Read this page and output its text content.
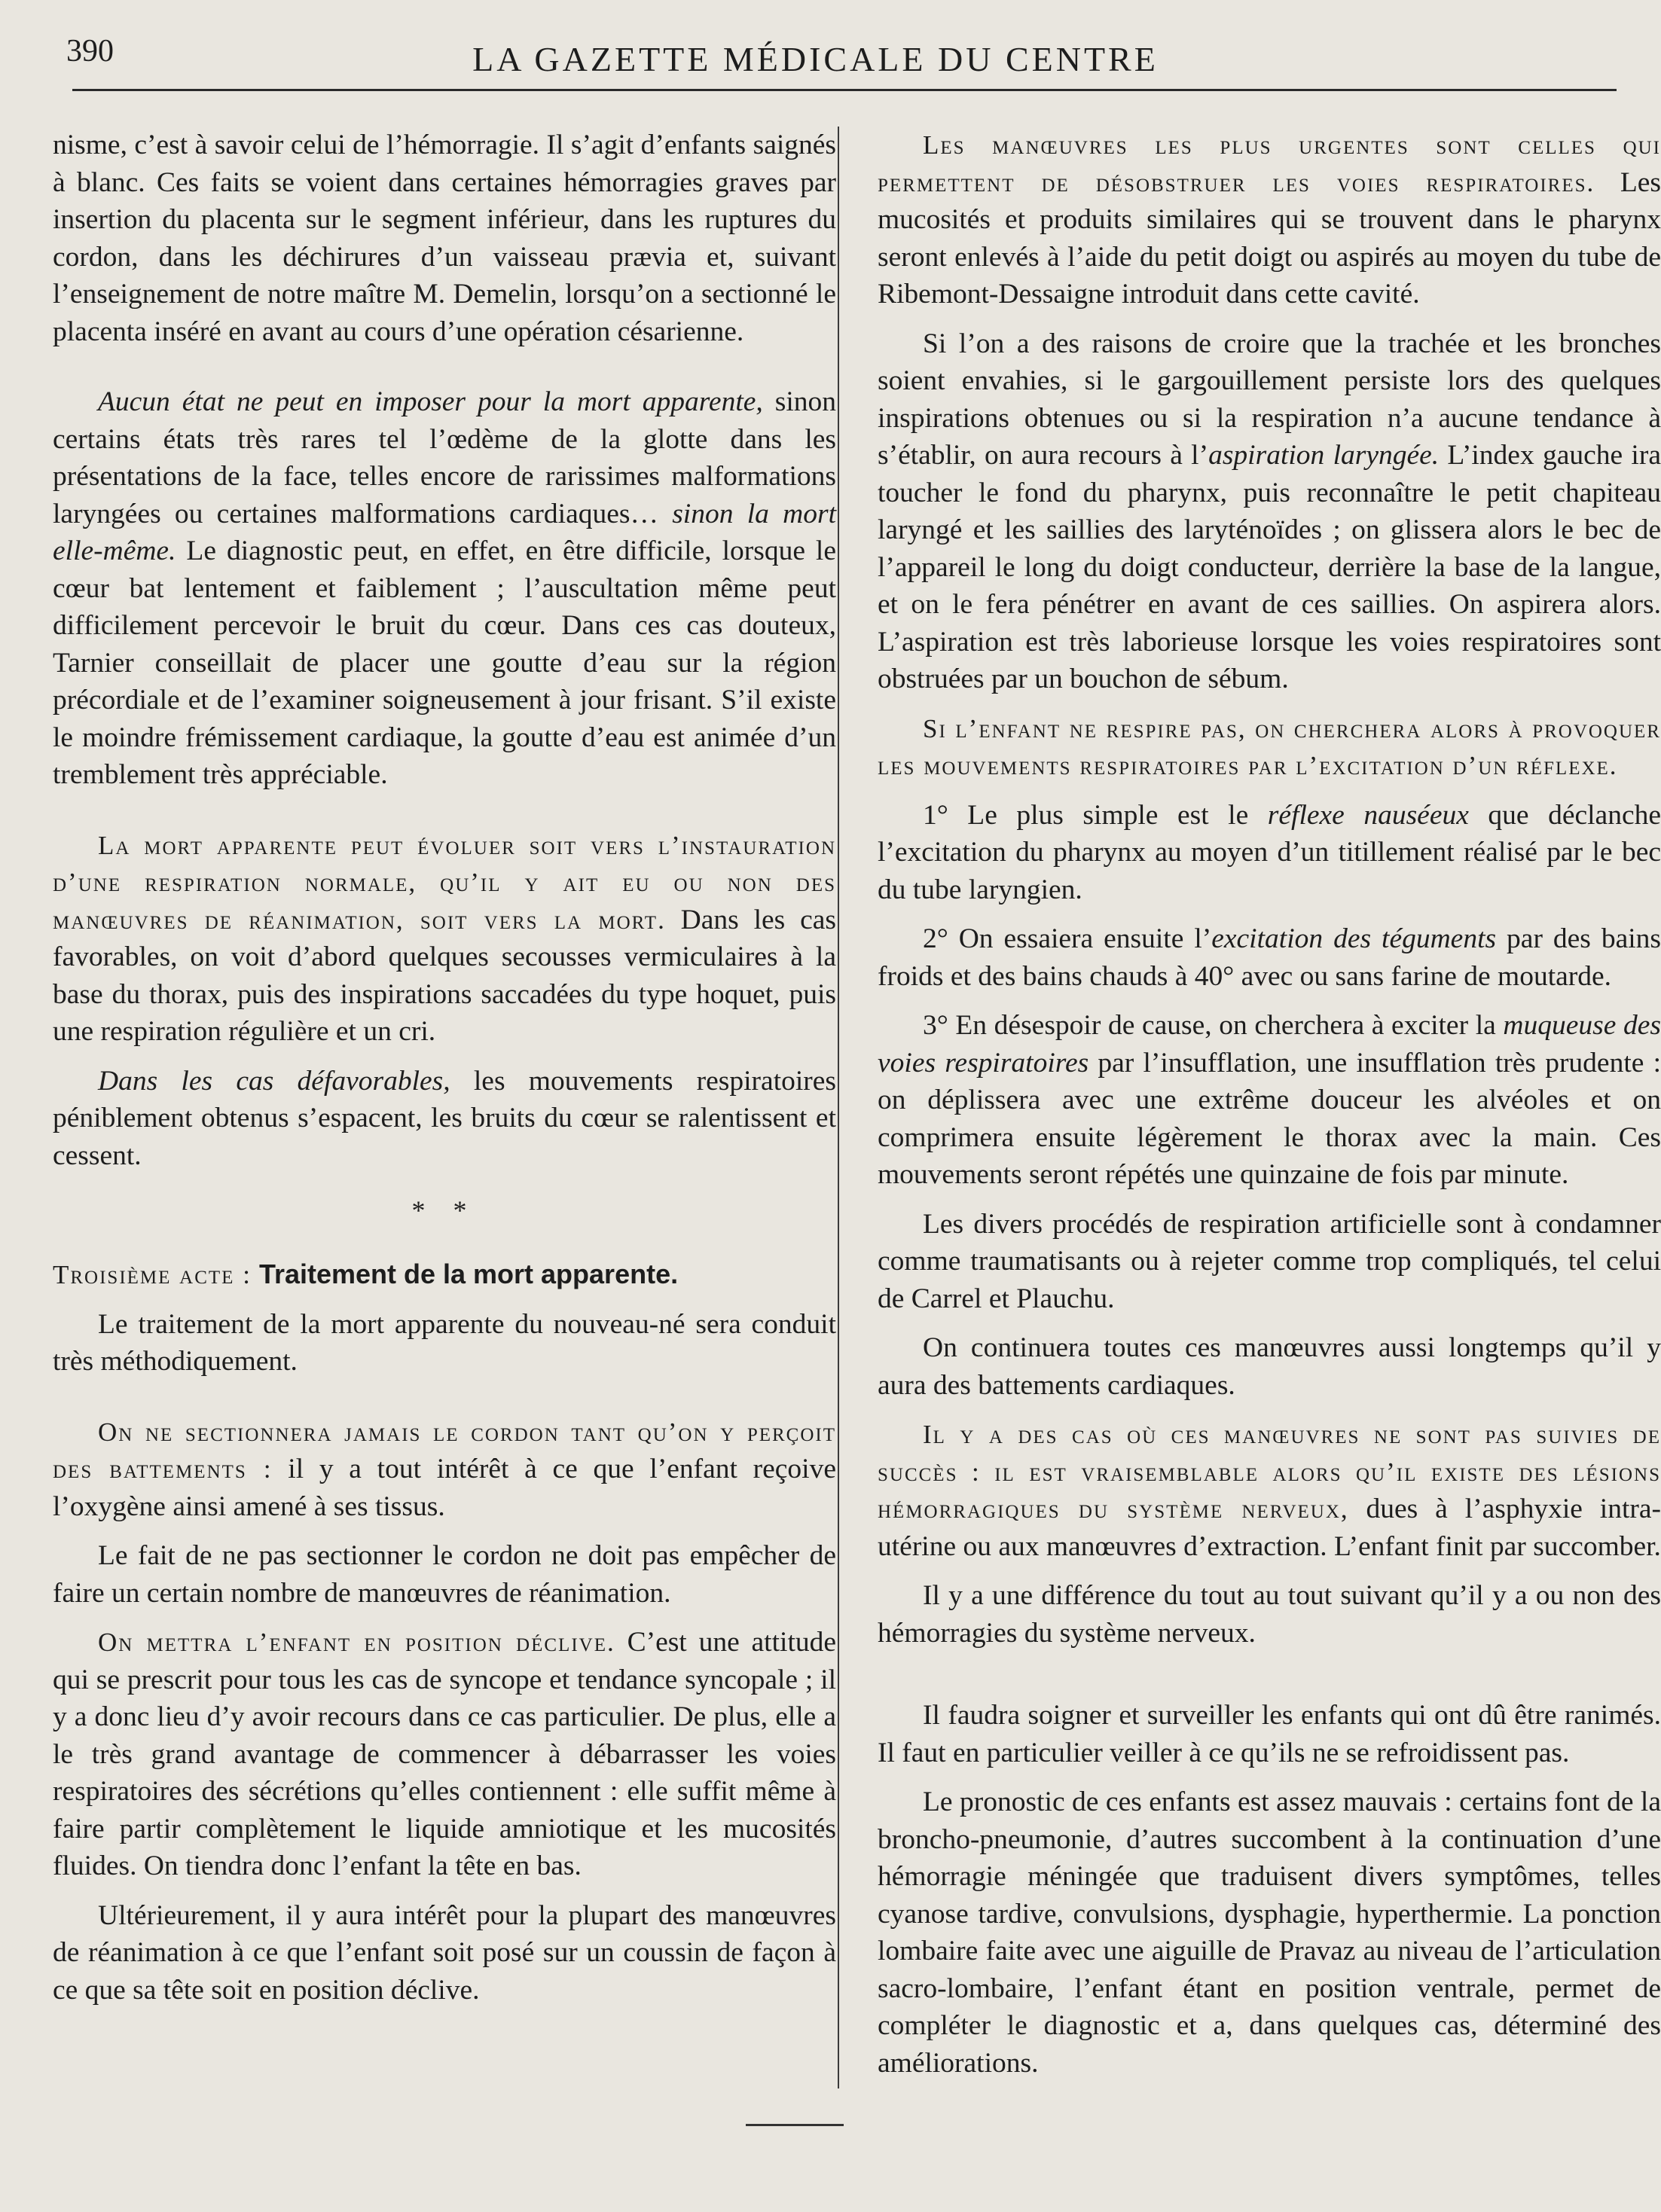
390	LA GAZETTE MÉDICALE DU CENTRE

nisme, c’est à savoir celui de l’hémorragie. Il s’agit d’enfants saignés à blanc. Ces faits se voient dans certaines hémorragies graves par insertion du placenta sur le segment inférieur, dans les ruptures du cordon, dans les déchirures d’un vaisseau prævia et, suivant l’enseignement de notre maître M. Demelin, lorsqu’on a sectionné le placenta inséré en avant au cours d’une opération césarienne.

Aucun état ne peut en imposer pour la mort apparente, sinon certains états très rares tel l’œdème de la glotte dans les présentations de la face, telles encore de rarissimes malformations laryngées ou certaines malformations cardiaques… sinon la mort elle-même. Le diagnostic peut, en effet, en être difficile, lorsque le cœur bat lentement et faiblement ; l’auscultation même peut difficilement percevoir le bruit du cœur. Dans ces cas douteux, Tarnier conseillait de placer une goutte d’eau sur la région précordiale et de l’examiner soigneusement à jour frisant. S’il existe le moindre frémissement cardiaque, la goutte d’eau est animée d’un tremblement très appréciable.

La mort apparente peut évoluer soit vers l’instauration d’une respiration normale, qu’il y ait eu ou non des manœuvres de réanimation, soit vers la mort. Dans les cas favorables, on voit d’abord quelques secousses vermiculaires à la base du thorax, puis des inspirations saccadées du type hoquet, puis une respiration régulière et un cri.

Dans les cas défavorables, les mouvements respiratoires péniblement obtenus s’espacent, les bruits du cœur se ralentissent et cessent.

* *

Troisième acte : Traitement de la mort apparente.

Le traitement de la mort apparente du nouveau-né sera conduit très méthodiquement.

On ne sectionnera jamais le cordon tant qu’on y perçoit des battements : il y a tout intérêt à ce que l’enfant reçoive l’oxygène ainsi amené à ses tissus.

Le fait de ne pas sectionner le cordon ne doit pas empêcher de faire un certain nombre de manœuvres de réanimation.

On mettra l’enfant en position déclive. C’est une attitude qui se prescrit pour tous les cas de syncope et tendance syncopale ; il y a donc lieu d’y avoir recours dans ce cas particulier. De plus, elle a le très grand avantage de commencer à débarrasser les voies respiratoires des sécrétions qu’elles contiennent : elle suffit même à faire partir complètement le liquide amniotique et les mucosités fluides. On tiendra donc l’enfant la tête en bas.

Ultérieurement, il y aura intérêt pour la plupart des manœuvres de réanimation à ce que l’enfant soit posé sur un coussin de façon à ce que sa tête soit en position déclive.

Les manœuvres les plus urgentes sont celles qui permettent de désobstruer les voies respiratoires. Les mucosités et produits similaires qui se trouvent dans le pharynx seront enlevés à l’aide du petit doigt ou aspirés au moyen du tube de Ribemont-Dessaigne introduit dans cette cavité.

Si l’on a des raisons de croire que la trachée et les bronches soient envahies, si le gargouillement persiste lors des quelques inspirations obtenues ou si la respiration n’a aucune tendance à s’établir, on aura recours à l’aspiration laryngée. L’index gauche ira toucher le fond du pharynx, puis reconnaître le petit chapiteau laryngé et les saillies des laryténoïdes ; on glissera alors le bec de l’appareil le long du doigt conducteur, derrière la base de la langue, et on le fera pénétrer en avant de ces saillies. On aspirera alors. L’aspiration est très laborieuse lorsque les voies respiratoires sont obstruées par un bouchon de sébum.

Si l’enfant ne respire pas, on cherchera alors à provoquer les mouvements respiratoires par l’excitation d’un réflexe.

1° Le plus simple est le réflexe nauséeux que déclanche l’excitation du pharynx au moyen d’un titillement réalisé par le bec du tube laryngien.

2° On essaiera ensuite l’excitation des téguments par des bains froids et des bains chauds à 40° avec ou sans farine de moutarde.

3° En désespoir de cause, on cherchera à exciter la muqueuse des voies respiratoires par l’insufflation, une insufflation très prudente : on déplissera avec une extrême douceur les alvéoles et on comprimera ensuite légèrement le thorax avec la main. Ces mouvements seront répétés une quinzaine de fois par minute.

Les divers procédés de respiration artificielle sont à condamner comme traumatisants ou à rejeter comme trop compliqués, tel celui de Carrel et Plauchu.

On continuera toutes ces manœuvres aussi longtemps qu’il y aura des battements cardiaques.

Il y a des cas où ces manœuvres ne sont pas suivies de succès : il est vraisemblable alors qu’il existe des lésions hémorragiques du système nerveux, dues à l’asphyxie intra-utérine ou aux manœuvres d’extraction. L’enfant finit par succomber.

Il y a une différence du tout au tout suivant qu’il y a ou non des hémorragies du système nerveux.

Il faudra soigner et surveiller les enfants qui ont dû être ranimés. Il faut en particulier veiller à ce qu’ils ne se refroidissent pas.

Le pronostic de ces enfants est assez mauvais : certains font de la broncho-pneumonie, d’autres succombent à la continuation d’une hémorragie méningée que traduisent divers symptômes, telles cyanose tardive, convulsions, dysphagie, hyperthermie. La ponction lombaire faite avec une aiguille de Pravaz au niveau de l’articulation sacro-lombaire, l’enfant étant en position ventrale, permet de compléter le diagnostic et a, dans quelques cas, déterminé des améliorations.
